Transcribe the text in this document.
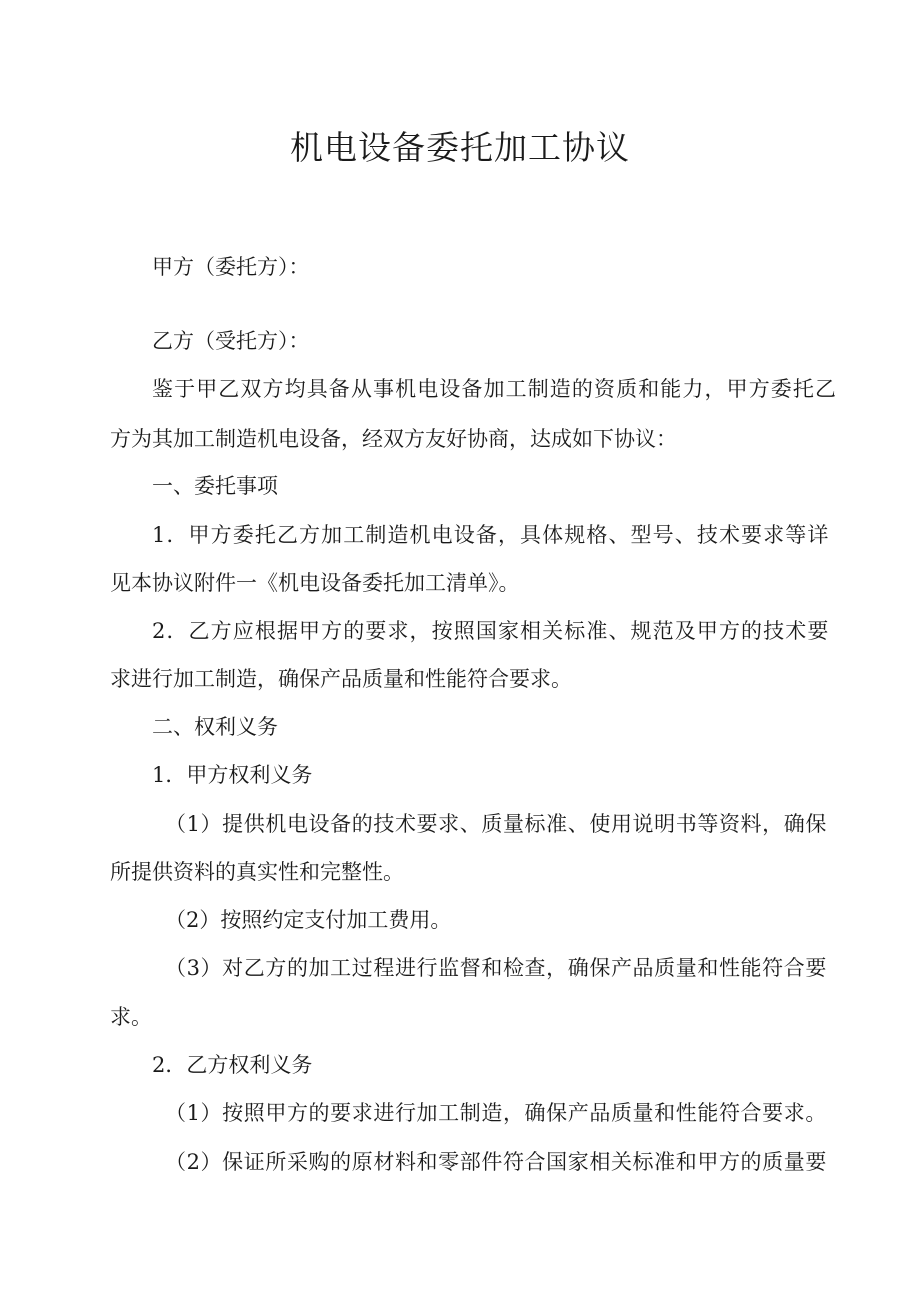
机电设备委托加工协议
甲方（委托方）：
乙方（受托方）：
鉴于甲乙双方均具备从事机电设备加工制造的资质和能力，甲方委托乙
方为其加工制造机电设备，经双方友好协商，达成如下协议：
一、委托事项
1．甲方委托乙方加工制造机电设备，具体规格、型号、技术要求等详
见本协议附件一《机电设备委托加工清单》。
2．乙方应根据甲方的要求，按照国家相关标准、规范及甲方的技术要
求进行加工制造，确保产品质量和性能符合要求。
二、权利义务
1．甲方权利义务
（1）提供机电设备的技术要求、质量标准、使用说明书等资料，确保
所提供资料的真实性和完整性。
（2）按照约定支付加工费用。
（3）对乙方的加工过程进行监督和检查，确保产品质量和性能符合要
求。
2．乙方权利义务
（1）按照甲方的要求进行加工制造，确保产品质量和性能符合要求。
（2）保证所采购的原材料和零部件符合国家相关标准和甲方的质量要
